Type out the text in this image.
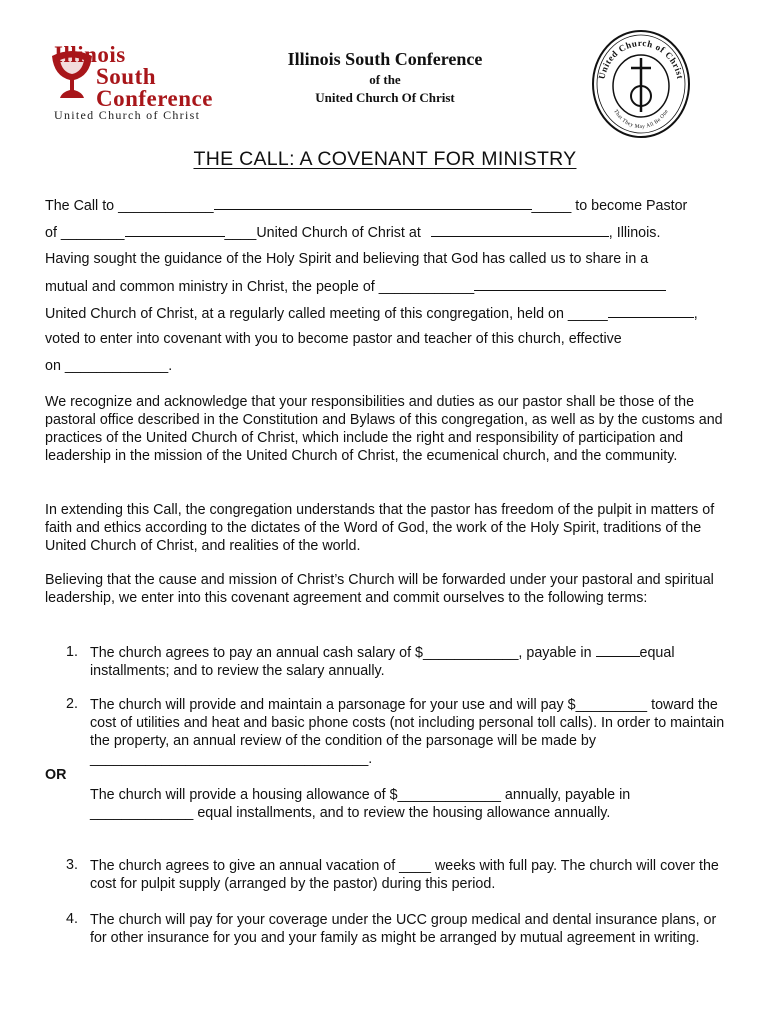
Illinois
South
Conference
United Church of Christ
Illinois South Conference
of the
United Church Of Christ
United Church of Christ
That They May All Be One
THE CALL: A COVENANT FOR MINISTRY
The Call to ____________	_____ to become Pastor
of ________	____United Church of Christ at	, Illinois.
Having sought the guidance of the Holy Spirit and believing that God has called us to share in a
mutual and common ministry in Christ, the people of ____________
United Church of Christ, at a regularly called meeting of this congregation, held on _____	,
voted to enter into covenant with you to become pastor and teacher of this church, effective
on _____________.
We recognize and acknowledge that your responsibilities and duties as our pastor shall be those of the pastoral office described in the Constitution and Bylaws of this congregation, as well as by the customs and practices of the United Church of Christ, which include the right and responsibility of participation and leadership in the mission of the United Church of Christ, the ecumenical church, and the community.
In extending this Call, the congregation understands that the pastor has freedom of the pulpit in matters of faith and ethics according to the dictates of the Word of God, the work of the Holy Spirit, traditions of the United Church of Christ, and realities of the world.
Believing that the cause and mission of Christ’s Church will be forwarded under your pastoral and spiritual leadership, we enter into this covenant agreement and commit ourselves to the following terms:
1. The church agrees to pay an annual cash salary of $____________, payable in	equal installments; and to review the salary annually.
2. The church will provide and maintain a parsonage for your use and will pay $_________ toward the cost of utilities and heat and basic phone costs (not including personal toll calls). In order to maintain the property, an annual review of the condition of the parsonage will be made by ___________________________________.
OR
The church will provide a housing allowance of $_____________ annually, payable in _____________ equal installments, and to review the housing allowance annually.
3. The church agrees to give an annual vacation of ____ weeks with full pay. The church will cover the cost for pulpit supply (arranged by the pastor) during this period.
4. The church will pay for your coverage under the UCC group medical and dental insurance plans, or for other insurance for you and your family as might be arranged by mutual agreement in writing.
